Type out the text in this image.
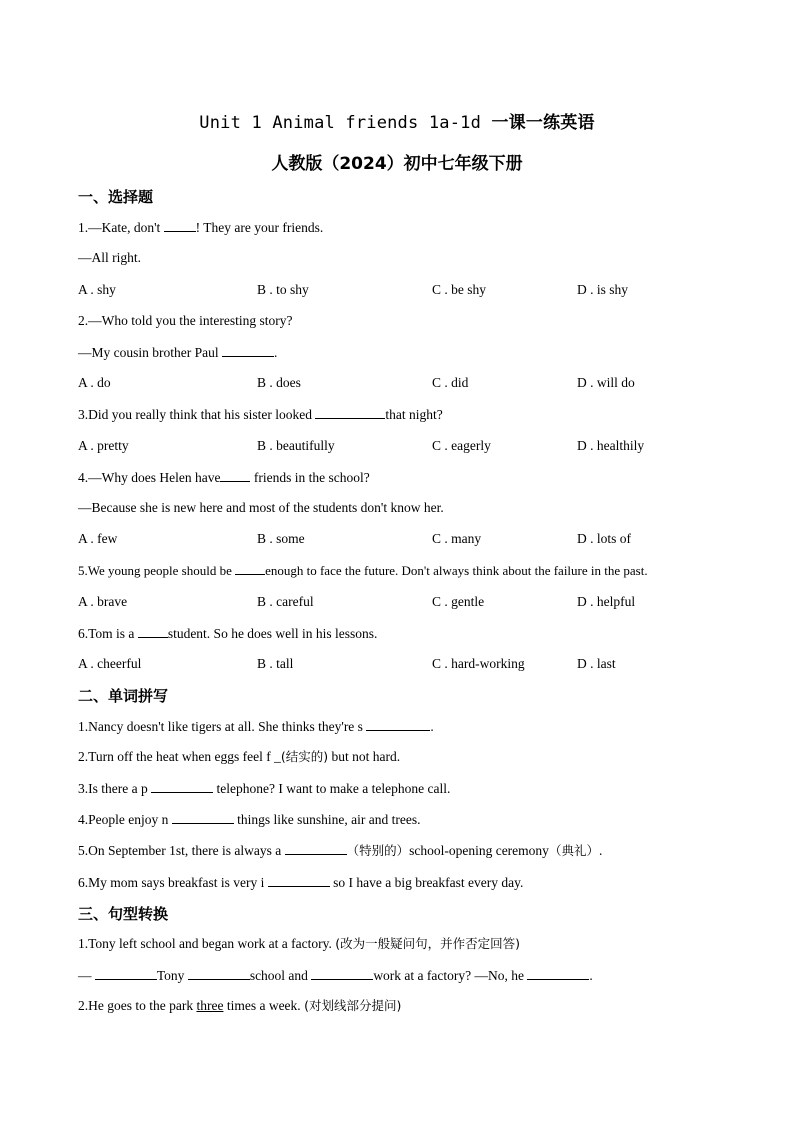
Unit 1 Animal friends 1a-1d 一课一练英语
人教版（2024）初中七年级下册
一、选择题
1.—Kate, don't ! They are your friends.
—All right.
A . shy	B . to shy	C . be shy	D . is shy
2.—Who told you the interesting story?
—My cousin brother Paul	.
A . do	B . does	C . did	D . will do
3.Did you really think that his sister looked	that night?
A . pretty	B . beautifully	C . eagerly	D . healthily
4.—Why does Helen have friends in the school?
—Because she is new here and most of the students don't know her.
A . few	B . some	C . many	D . lots of
5.We young people should be enough to face the future. Don't always think about the failure in the past.
A . brave	B . careful	C . gentle	D . helpful
6.Tom is a student. So he does well in his lessons.
A . cheerful	B . tall	C . hard-working	D . last
二、单词拼写
1.Nancy doesn't like tigers at all. She thinks they're s	.
2.Turn off the heat when eggs feel f _(结实的) but not hard.
3.Is there a p	telephone? I want to make a telephone call.
4.People enjoy n	things like sunshine, air and trees.
5.On September 1st, there is always a	（特别的）school-opening ceremony（典礼）.
6.My mom says breakfast is very i	so I have a big breakfast every day.
三、句型转换
1.Tony left school and began work at a factory. (改为一般疑问句，并作否定回答)
—	Tony	school and	work at a factory? —No, he	.
2.He goes to the park three times a week. (对划线部分提问)
